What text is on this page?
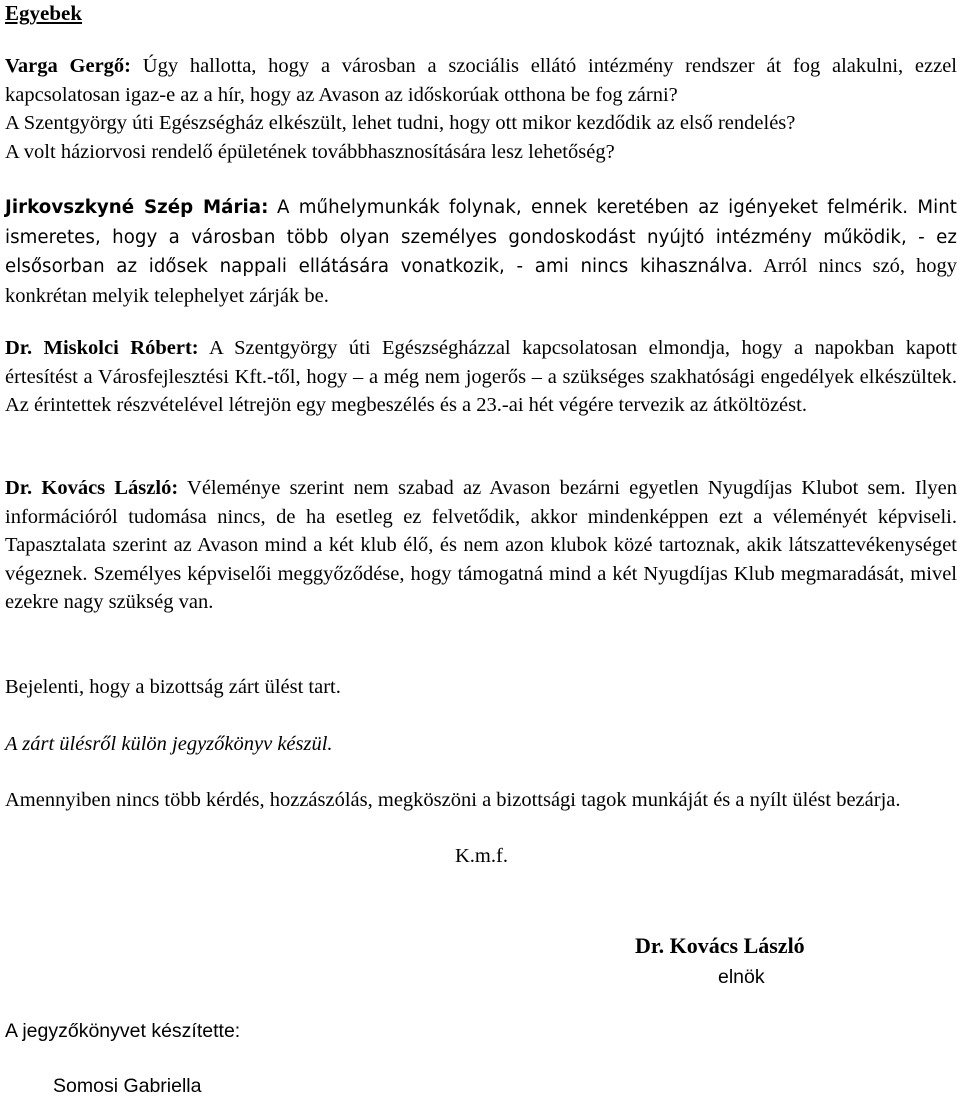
Egyebek

Varga Gergő: Úgy hallotta, hogy a városban a szociális ellátó intézmény rendszer át fog alakulni, ezzel kapcsolatosan igaz-e az a hír, hogy az Avason az időskorúak otthona be fog zárni?
A Szentgyörgy úti Egészségház elkészült, lehet tudni, hogy ott mikor kezdődik az első rendelés?
A volt háziorvosi rendelő épületének továbbhasznosítására lesz lehetőség?

Jirkovszkyné Szép Mária: A műhelymunkák folynak, ennek keretében az igényeket felmérik. Mint ismeretes, hogy a városban több olyan személyes gondoskodást nyújtó intézmény működik, - ez elsősorban az idősek nappali ellátására vonatkozik, - ami nincs kihasználva. Arról nincs szó, hogy konkrétan melyik telephelyet zárják be.

Dr. Miskolci Róbert: A Szentgyörgy úti Egészségházzal kapcsolatosan elmondja, hogy a napokban kapott értesítést a Városfejlesztési Kft.-től, hogy – a még nem jogerős – a szükséges szakhatósági engedélyek elkészültek. Az érintettek részvételével létrejön egy megbeszélés és a 23.-ai hét végére tervezik az átköltözést.

Dr. Kovács László: Véleménye szerint nem szabad az Avason bezárni egyetlen Nyugdíjas Klubot sem. Ilyen információról tudomása nincs, de ha esetleg ez felvetődik, akkor mindenképpen ezt a véleményét képviseli. Tapasztalata szerint az Avason mind a két klub élő, és nem azon klubok közé tartoznak, akik látszattevékenységet végeznek. Személyes képviselői meggyőződése, hogy támogatná mind a két Nyugdíjas Klub megmaradását, mivel ezekre nagy szükség van.

Bejelenti, hogy a bizottság zárt ülést tart.

A zárt ülésről külön jegyzőkönyv készül.

Amennyiben nincs több kérdés, hozzászólás, megköszöni a bizottsági tagok munkáját és a nyílt ülést bezárja.

K.m.f.
Dr. Kovács László
elnök
A jegyzőkönyvet készítette:
Somosi Gabriella
